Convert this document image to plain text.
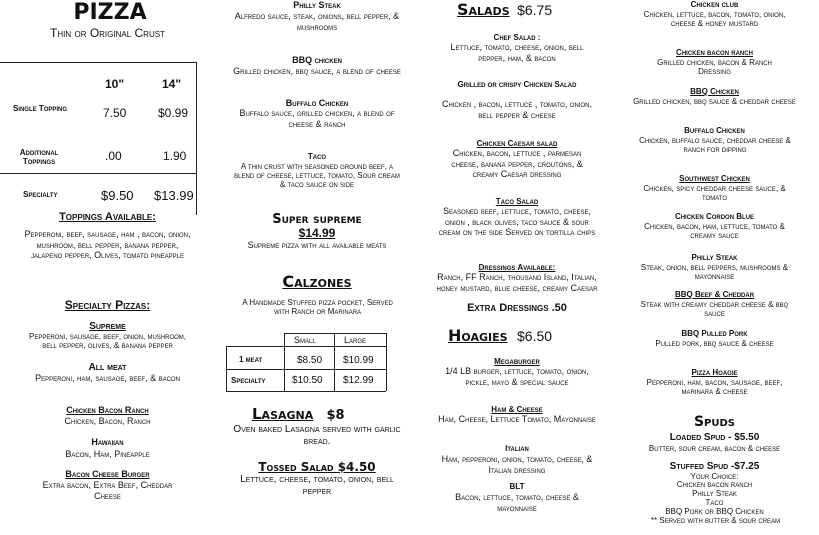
PIZZA
Thin or Original Crust
10"	14"
Single Topping	7.50	$0.99
Additional Toppings	.00	1.90
Specialty	$9.50 $13.99
Toppings Available:
Pepperoni, beef, sausage, ham , bacon, onion, mushroom, bell pepper, banana pepper, jalapeno pepper, Olives, tomato pineapple
Specialty Pizzas:
Supreme
Pepperoni, sausage, beef, onion, mushroom, bell pepper, olives, & banana pepper
All meat
Pepperoni, ham, sausage, beef, & bacon
Chicken Bacon Ranch
Chicken, Bacon, Ranch
Hawaiian
Bacon, Ham, Pineapple
Bacon Cheese Burger
Extra bacon, Extra Beef, Cheddar Cheese
Philly Steak
Alfredo sauce, steak, onions, bell pepper, & mushrooms
BBQ chicken
Grilled chicken, bbq sauce, a blend of cheese
Buffalo Chicken
Buffalo sauce, grilled chicken, a blend of cheese & ranch
Taco
A thin crust with seasoned ground beef, a blend of cheese, lettuce, tomato, Sour cream & taco sauce on side
Super supreme
$14.99
Supreme pizza with all available meats
Calzones
A Handmade Stuffed pizza pocket, Served with Ranch or Marinara
Small	Large
1 meat	$8.50 $10.99
Specialty	$10.50 $12.99
Lasagna $8
Oven baked Lasagna served with garlic bread.
Tossed Salad $4.50
Lettuce, cheese, tomato, onion, bell pepper
Salads $6.75
Chef Salad :
Lettuce, tomato, cheese, onion, bell pepper, ham, & bacon
Grilled or crispy Chicken Salad
Chicken , bacon, lettuce , tomato, onion, bell pepper & cheese
Chicken Caesar salad
Chicken, bacon, lettuce , parmesan cheese, banana pepper, croutons, & creamy Caesar dressing
Taco Salad
Seasoned beef, lettuce, tomato, cheese, onion , black olives, taco sauce & sour cream on the side Served on tortilla chips
Dressings Available:
Ranch, FF Ranch, thousand Island, Italian, honey mustard, blue cheese, creamy Caesar
Extra Dressings .50
Hoagies $6.50
Megaburger
1/4 LB burger, lettuce, tomato, onion, pickle, mayo & special sauce
Ham & Cheese
Ham, Cheese, Lettuce Tomato, Mayonnaise
Italian
Ham, pepperoni, onion, tomato, cheese, & Italian dressing
BLT
Bacon, lettuce, tomato, cheese & mayonnaise
Chicken club
Chicken, lettuce, bacon, tomato, onion, cheese & honey mustard
Chicken bacon ranch
Grilled chicken, bacon & Ranch Dressing
BBQ Chicken
Grilled chicken, bbq sauce & cheddar cheese
Buffalo Chicken
Chicken, buffalo sauce, cheddar cheese & ranch for dipping
Southwest Chicken
Chicken, spicy cheddar cheese sauce, & tomato
Chicken Cordon Blue
Chicken, bacon, ham, lettuce, tomato & creamy sauce
Philly Steak
Steak, onion, bell peppers, mushrooms & mayonnaise
BBQ Beef & Cheddar
Steak with creamy cheddar cheese & bbq sauce
BBQ Pulled Pork
Pulled pork, bbq sauce & cheese
Pizza Hoagie
Pepperoni, ham, bacon, sausage, beef, marinara & cheese
Spuds
Loaded Spud - $5.50
Butter, sour cream, bacon & cheese
Stuffed Spud -$7.25
Your Choice:
Chicken bacon ranch
Philly Steak
Taco
BBQ Pork or BBQ Chicken
** Served with butter & sour cream
